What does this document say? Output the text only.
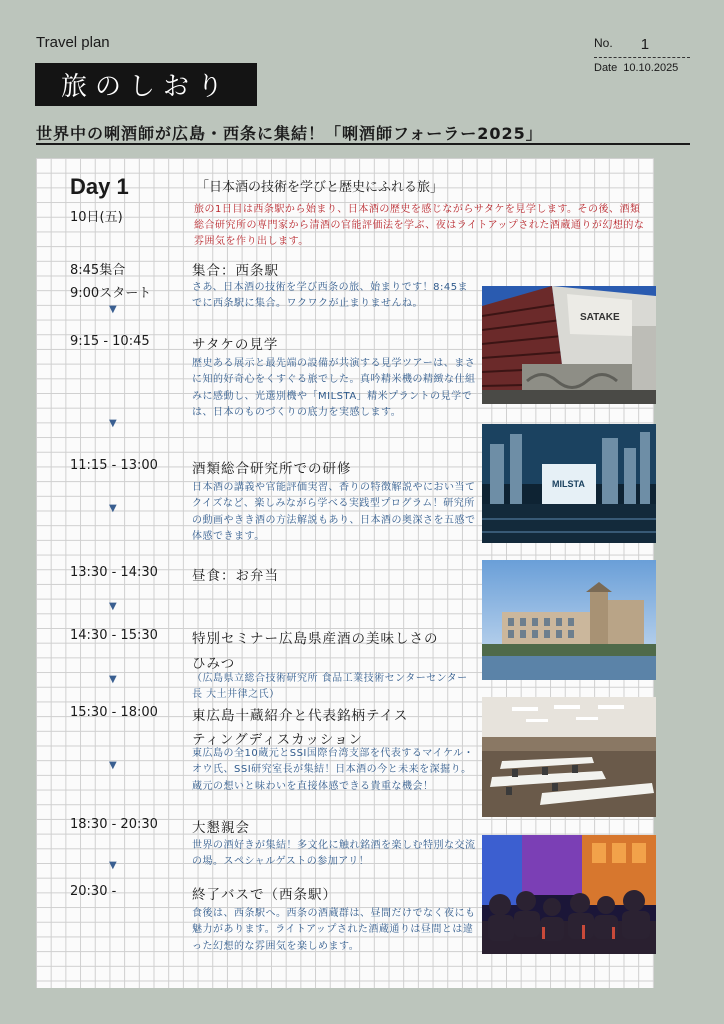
Travel plan
旅のしおり
No. 1
Date 10.10.2025
世界中の唎酒師が広島・西条に集結！「唎酒師フォーラー2025」
Day 1
10日(五)
「日本酒の技術を学びと歴史にふれる旅」
旅の1日目は西条駅から始まり、日本酒の歴史を感じながらサタケを見学します。その後、酒類総合研究所の専門家から清酒の官能評価法を学ぶ、夜はライトアップされた酒蔵通りが幻想的な雰囲気を作り出します。
8:45集合	集合：西条駅
9:00スタート	さあ、日本酒の技術を学び西条の旅、始まりです！8:45までに西条駅に集合。ワクワクが止まりませんね。
▼
9:15 - 10:45	サタケの見学
歴史ある展示と最先端の設備が共演する見学ツアーは、まさに知的好奇心をくすぐる旅でした。真吟精米機の精緻な仕組みに感動し、光選別機や「MILSTA」精米プラントの見学では、日本のものづくりの底力を実感します。
▼
11:15 - 13:00	酒類総合研究所での研修
日本酒の講義や官能評価実習、香りの特徴解説やにおい当てクイズなど、楽しみながら学べる実践型プログラム！研究所の動画やきき酒の方法解説もあり、日本酒の奥深さを五感で体感できます。
▼
13:30 - 14:30	昼食：お弁当
▼
14:30 - 15:30	特別セミナー広島県産酒の美味しさの
ひみつ
（広島県立総合技術研究所 食品工業技術センターセンター長 大土井律之氏）
▼
15:30 - 18:00	東広島十蔵紹介と代表銘柄テイス
ティングディスカッション
東広島の全10蔵元とSSI国際台湾支部を代表するマイケル・オウ氏、SSI研究室長が集結！日本酒の今と未来を深掘り。蔵元の想いと味わいを直接体感できる貴重な機会！
▼
18:30 - 20:30	大懇親会
世界の酒好きが集結！多文化に触れ銘酒を楽しむ特別な交流の場。スペシャルゲストの参加アリ！
▼
20:30 -	終了バスで（西条駅）
食後は、西条駅へ。西条の酒蔵群は、昼間だけでなく夜にも魅力があります。ライトアップされた酒蔵通りは昼間とは違った幻想的な雰囲気を楽しめます。
SATAKE
MILSTA
